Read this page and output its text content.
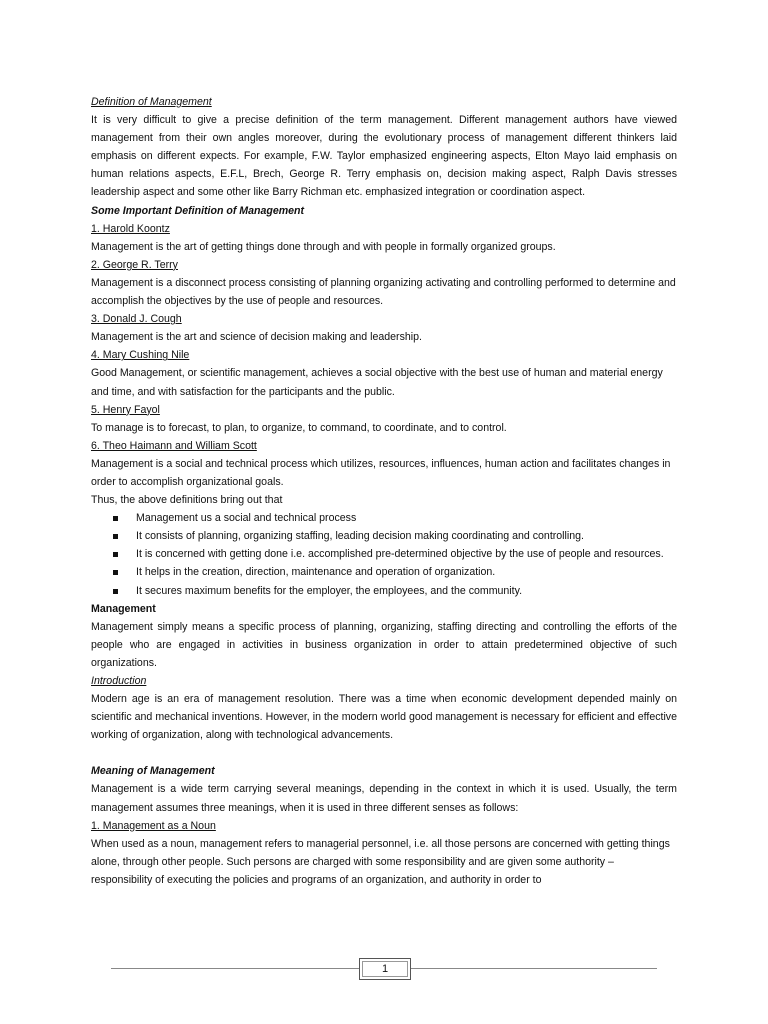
Definition of Management

It is very difficult to give a precise definition of the term management. Different management authors have viewed management from their own angles moreover, during the evolutionary process of management different thinkers laid emphasis on different expects. For example, F.W. Taylor emphasized engineering aspects, Elton Mayo laid emphasis on human relations aspects, E.F.L, Brech, George R. Terry emphasis on, decision making aspect, Ralph Davis stresses leadership aspect and some other like Barry Richman etc. emphasized integration or coordination aspect.

Some Important Definition of Management

1. Harold Koontz

Management is the art of getting things done through and with people in formally organized groups.

2. George R. Terry

Management is a disconnect process consisting of planning organizing activating and controlling performed to determine and accomplish the objectives by the use of people and resources.

3. Donald J. Cough

Management is the art and science of decision making and leadership.

4. Mary Cushing Nile

Good Management, or scientific management, achieves a social objective with the best use of human and material energy and time, and with satisfaction for the participants and the public.

5. Henry Fayol

To manage is to forecast, to plan, to organize, to command, to coordinate, and to control.

6. Theo Haimann and William Scott

Management is a social and technical process which utilizes, resources, influences, human action and facilitates changes in order to accomplish organizational goals.

Thus, the above definitions bring out that

Management us a social and technical process
It consists of planning, organizing staffing, leading decision making coordinating and controlling.
It is concerned with getting done i.e. accomplished pre-determined objective by the use of people and resources.
It helps in the creation, direction, maintenance and operation of organization.
It secures maximum benefits for the employer, the employees, and the community.

Management

Management simply means a specific process of planning, organizing, staffing directing and controlling the efforts of the people who are engaged in activities in business organization in order to attain predetermined objective of such organizations.

Introduction

Modern age is an era of management resolution. There was a time when economic development depended mainly on scientific and mechanical inventions. However, in the modern world good management is necessary for efficient and effective working of organization, along with technological advancements.

Meaning of Management

Management is a wide term carrying several meanings, depending in the context in which it is used. Usually, the term management assumes three meanings, when it is used in three different senses as follows:

1. Management as a Noun

When used as a noun, management refers to managerial personnel, i.e. all those persons are concerned with getting things alone, through other people. Such persons are charged with some responsibility and are given some authority – responsibility of executing the policies and programs of an organization, and authority in order to

1
